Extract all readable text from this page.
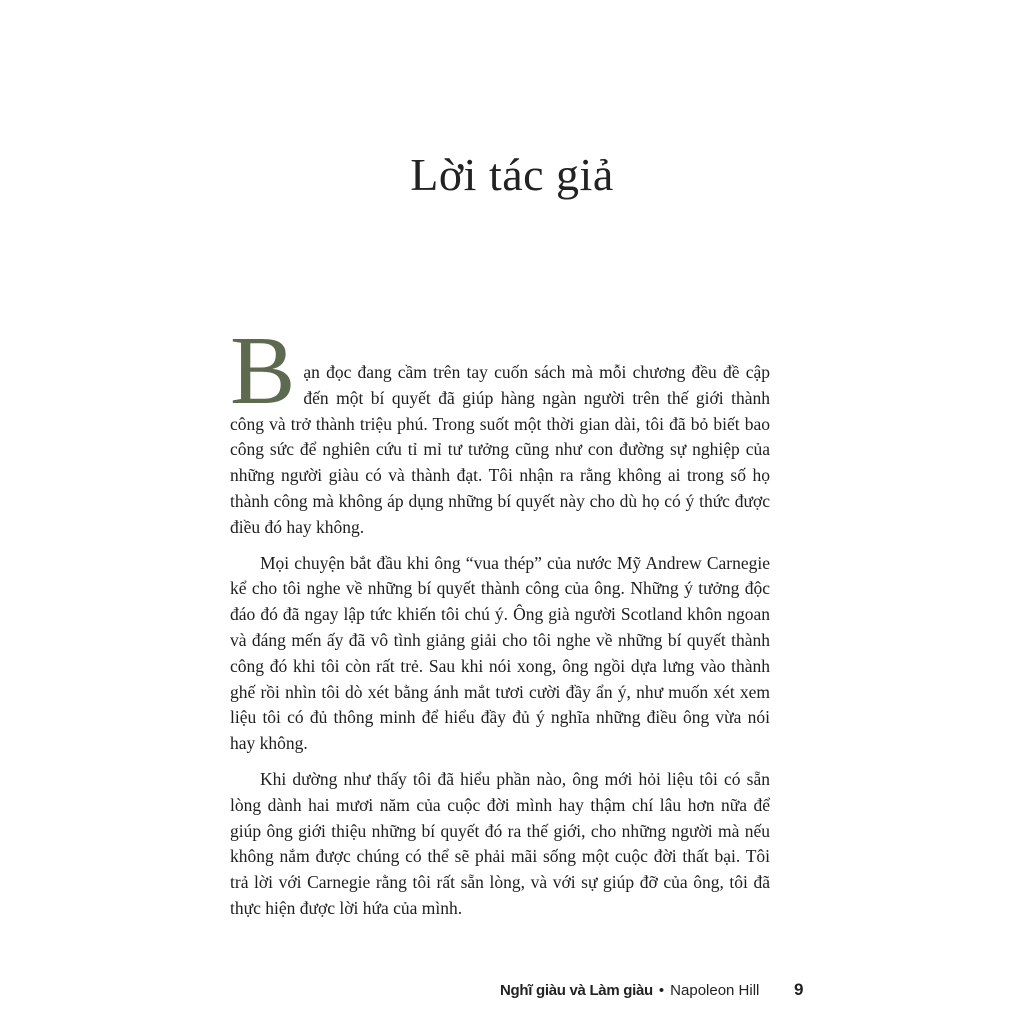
Lời tác giả

B ạn đọc đang cầm trên tay cuốn sách mà mỗi chương đều đề cập đến một bí quyết đã giúp hàng ngàn người trên thế giới thành công và trở thành triệu phú. Trong suốt một thời gian dài, tôi đã bỏ biết bao công sức để nghiên cứu tỉ mỉ tư tưởng cũng như con đường sự nghiệp của những người giàu có và thành đạt. Tôi nhận ra rằng không ai trong số họ thành công mà không áp dụng những bí quyết này cho dù họ có ý thức được điều đó hay không.

Mọi chuyện bắt đầu khi ông “vua thép” của nước Mỹ Andrew Carnegie kể cho tôi nghe về những bí quyết thành công của ông. Những ý tưởng độc đáo đó đã ngay lập tức khiến tôi chú ý. Ông già người Scotland khôn ngoan và đáng mến ấy đã vô tình giảng giải cho tôi nghe về những bí quyết thành công đó khi tôi còn rất trẻ. Sau khi nói xong, ông ngồi dựa lưng vào thành ghế rồi nhìn tôi dò xét bằng ánh mắt tươi cười đầy ẩn ý, như muốn xét xem liệu tôi có đủ thông minh để hiểu đầy đủ ý nghĩa những điều ông vừa nói hay không.

Khi dường như thấy tôi đã hiểu phần nào, ông mới hỏi liệu tôi có sẵn lòng dành hai mươi năm của cuộc đời mình hay thậm chí lâu hơn nữa để giúp ông giới thiệu những bí quyết đó ra thế giới, cho những người mà nếu không nắm được chúng có thể sẽ phải mãi sống một cuộc đời thất bại. Tôi trả lời với Carnegie rằng tôi rất sẵn lòng, và với sự giúp đỡ của ông, tôi đã thực hiện được lời hứa của mình.

Nghĩ giàu và Làm giàu • Napoleon Hill 9
